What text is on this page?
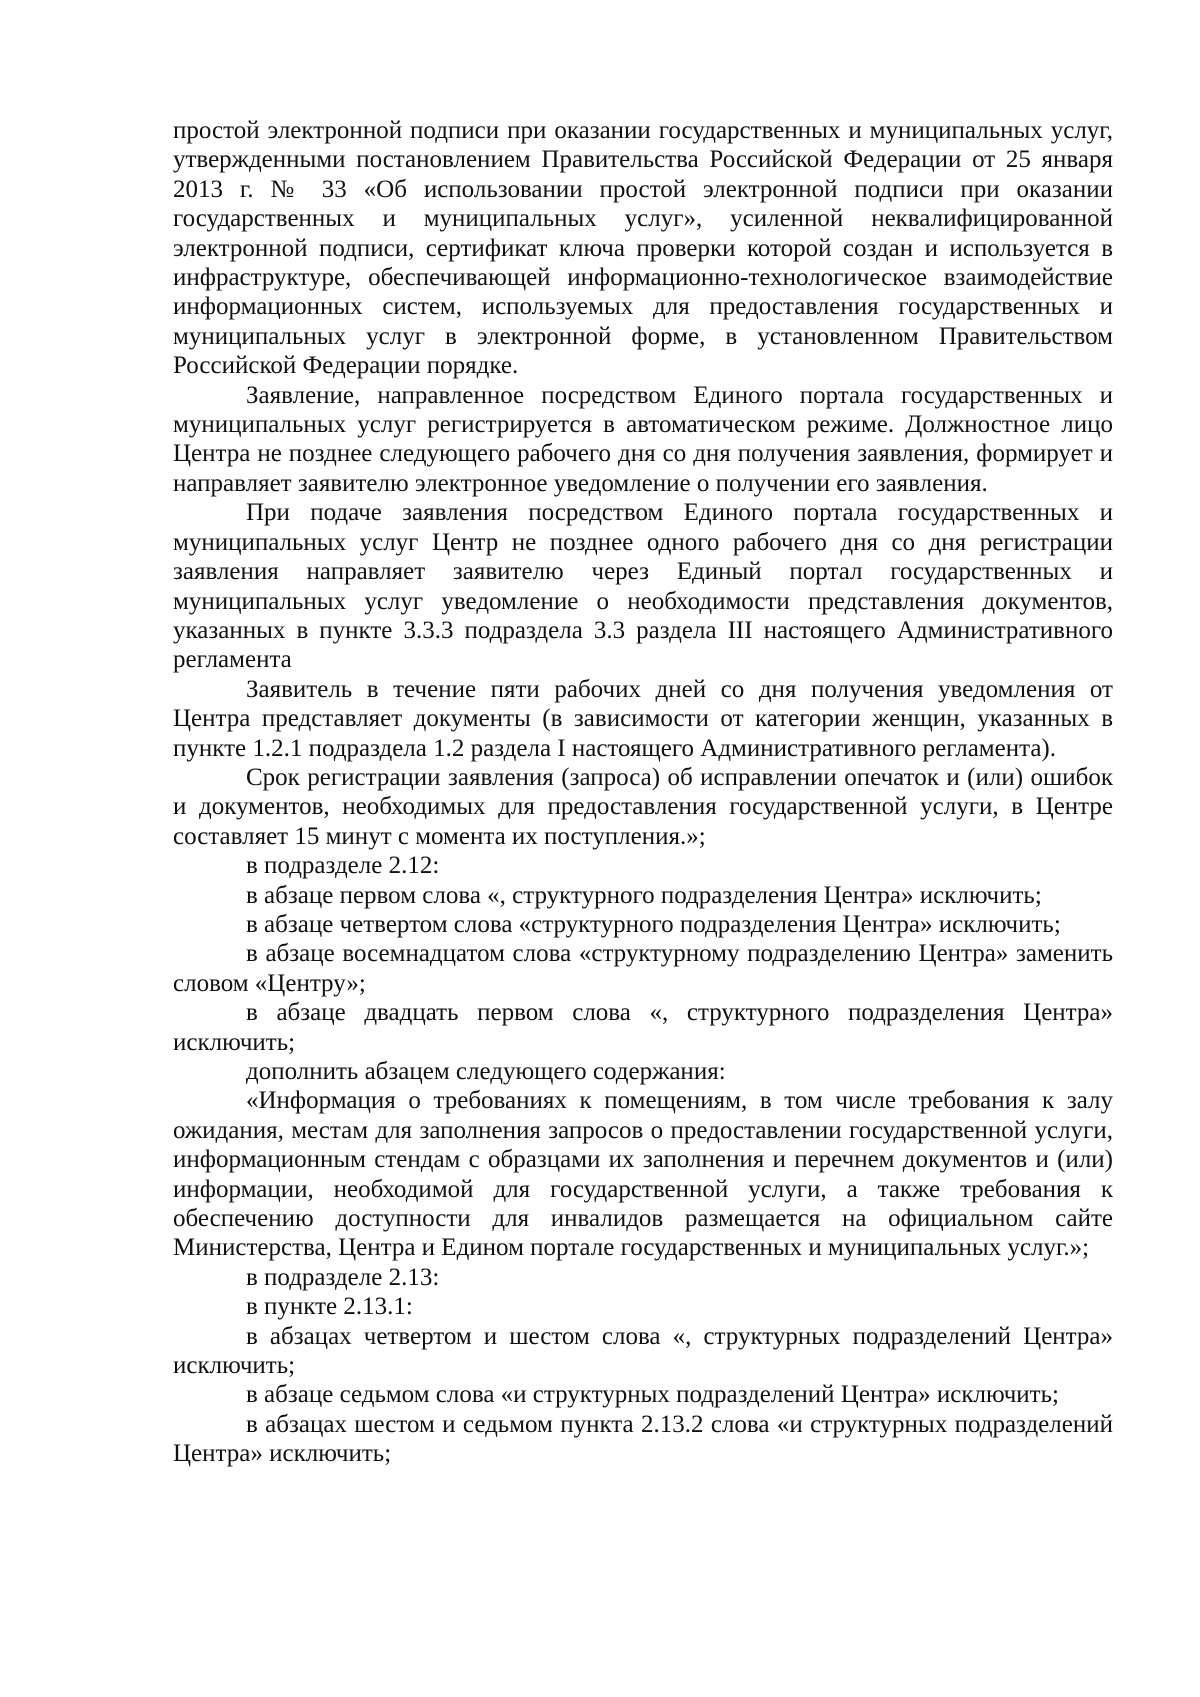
простой электронной подписи при оказании государственных и муниципальных услуг, утвержденными постановлением Правительства Российской Федерации от 25 января 2013 г. № 33 «Об использовании простой электронной подписи при оказании государственных и муниципальных услуг», усиленной неквалифицированной электронной подписи, сертификат ключа проверки которой создан и используется в инфраструктуре, обеспечивающей информационно-технологическое взаимодействие информационных систем, используемых для предоставления государственных и муниципальных услуг в электронной форме, в установленном Правительством Российской Федерации порядке.

Заявление, направленное посредством Единого портала государственных и муниципальных услуг регистрируется в автоматическом режиме. Должностное лицо Центра не позднее следующего рабочего дня со дня получения заявления, формирует и направляет заявителю электронное уведомление о получении его заявления.

При подаче заявления посредством Единого портала государственных и муниципальных услуг Центр не позднее одного рабочего дня со дня регистрации заявления направляет заявителю через Единый портал государственных и муниципальных услуг уведомление о необходимости представления документов, указанных в пункте 3.3.3 подраздела 3.3 раздела III настоящего Административного регламента

Заявитель в течение пяти рабочих дней со дня получения уведомления от Центра представляет документы (в зависимости от категории женщин, указанных в пункте 1.2.1 подраздела 1.2 раздела I настоящего Административного регламента).

Срок регистрации заявления (запроса) об исправлении опечаток и (или) ошибок и документов, необходимых для предоставления государственной услуги, в Центре составляет 15 минут с момента их поступления.»;

в подразделе 2.12:

в абзаце первом слова «, структурного подразделения Центра» исключить;

в абзаце четвертом слова «структурного подразделения Центра» исключить;

в абзаце восемнадцатом слова «структурному подразделению Центра» заменить словом «Центру»;

в абзаце двадцать первом слова «, структурного подразделения Центра» исключить;

дополнить абзацем следующего содержания:

«Информация о требованиях к помещениям, в том числе требования к залу ожидания, местам для заполнения запросов о предоставлении государственной услуги, информационным стендам с образцами их заполнения и перечнем документов и (или) информации, необходимой для государственной услуги, а также требования к обеспечению доступности для инвалидов размещается на официальном сайте Министерства, Центра и Едином портале государственных и муниципальных услуг.»;

в подразделе 2.13:

в пункте 2.13.1:

в абзацах четвертом и шестом слова «, структурных подразделений Центра» исключить;

в абзаце седьмом слова «и структурных подразделений Центра» исключить;

в абзацах шестом и седьмом пункта 2.13.2 слова «и структурных подразделений Центра» исключить;
